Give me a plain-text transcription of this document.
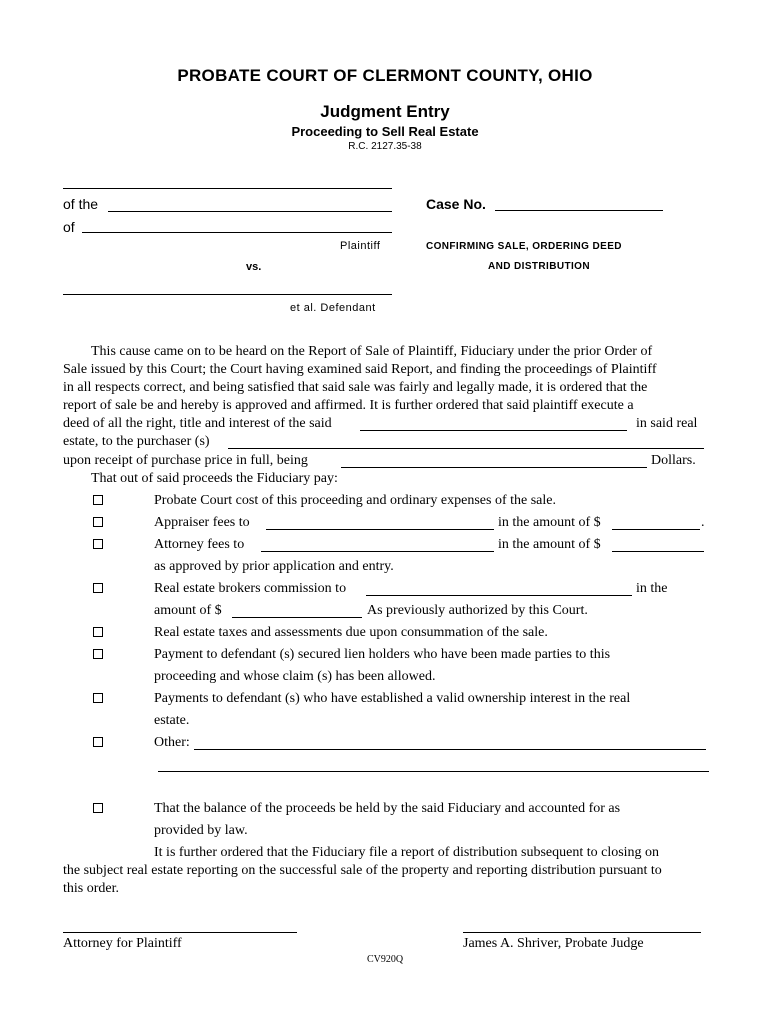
PROBATE COURT OF CLERMONT COUNTY, OHIO
Judgment Entry
Proceeding to Sell Real Estate
R.C. 2127.35-38
of the
of
Plaintiff
vs.
et al. Defendant
Case No.
CONFIRMING SALE, ORDERING DEED
AND DISTRIBUTION
This cause came on to be heard on the Report of Sale of Plaintiff, Fiduciary under the prior Order of
Sale issued by this Court; the Court having examined said Report, and finding the proceedings of Plaintiff
in all respects correct, and being satisfied that said sale was fairly and legally made, it is ordered that the
report of sale be and hereby is approved and affirmed. It is further ordered that said plaintiff execute a
deed of all the right, title and interest of the said	in said real
estate, to the purchaser (s)
upon receipt of purchase price in full, being	Dollars.
That out of said proceeds the Fiduciary pay:
Probate Court cost of this proceeding and ordinary expenses of the sale.
Appraiser fees to	in the amount of $	.
Attorney fees to	in the amount of $
as approved by prior application and entry.
Real estate brokers commission to	in the
amount of $	As previously authorized by this Court.
Real estate taxes and assessments due upon consummation of the sale.
Payment to defendant (s) secured lien holders who have been made parties to this
proceeding and whose claim (s) has been allowed.
Payments to defendant (s) who have established a valid ownership interest in the real
estate.
Other:
That the balance of the proceeds be held by the said Fiduciary and accounted for as
provided by law.
It is further ordered that the Fiduciary file a report of distribution subsequent to closing on
the subject real estate reporting on the successful sale of the property and reporting distribution pursuant to
this order.
Attorney for Plaintiff	James A. Shriver, Probate Judge
CV920Q
